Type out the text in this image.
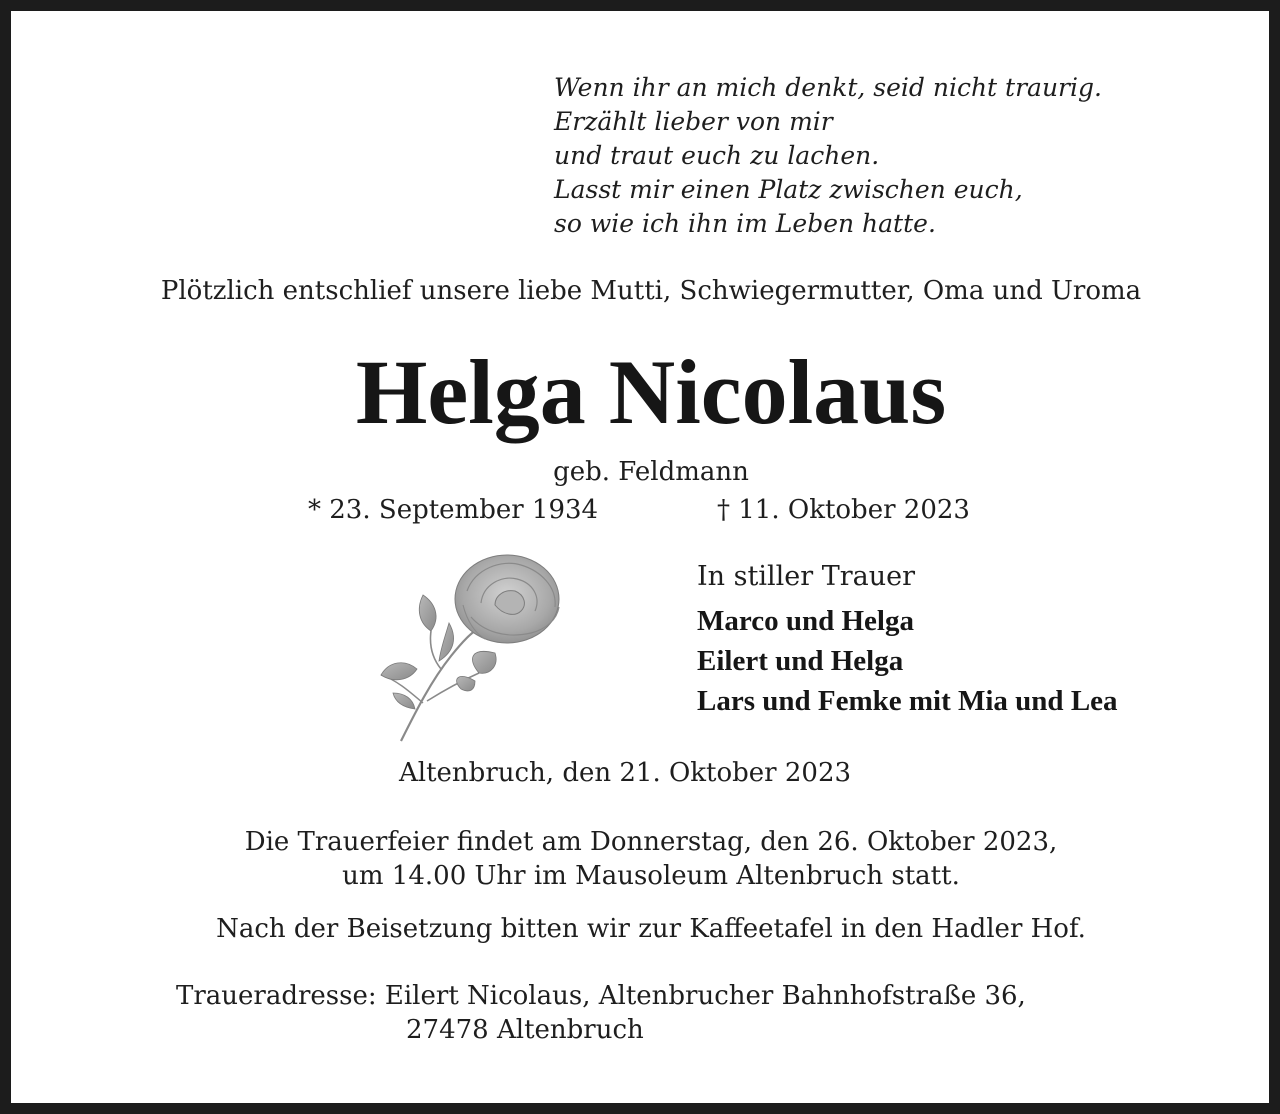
Wenn ihr an mich denkt, seid nicht traurig.
Erzählt lieber von mir
und traut euch zu lachen.
Lasst mir einen Platz zwischen euch,
so wie ich ihn im Leben hatte.
Plötzlich entschlief unsere liebe Mutti, Schwiegermutter, Oma und Uroma
Helga Nicolaus
geb. Feldmann
* 23. September 1934	† 11. Oktober 2023
In stiller Trauer
Marco und Helga
Eilert und Helga
Lars und Femke mit Mia und Lea
Altenbruch, den 21. Oktober 2023
Die Trauerfeier findet am Donnerstag, den 26. Oktober 2023,
um 14.00 Uhr im Mausoleum Altenbruch statt.
Nach der Beisetzung bitten wir zur Kaffeetafel in den Hadler Hof.
Traueradresse: Eilert Nicolaus, Altenbrucher Bahnhofstraße 36,
27478 Altenbruch
